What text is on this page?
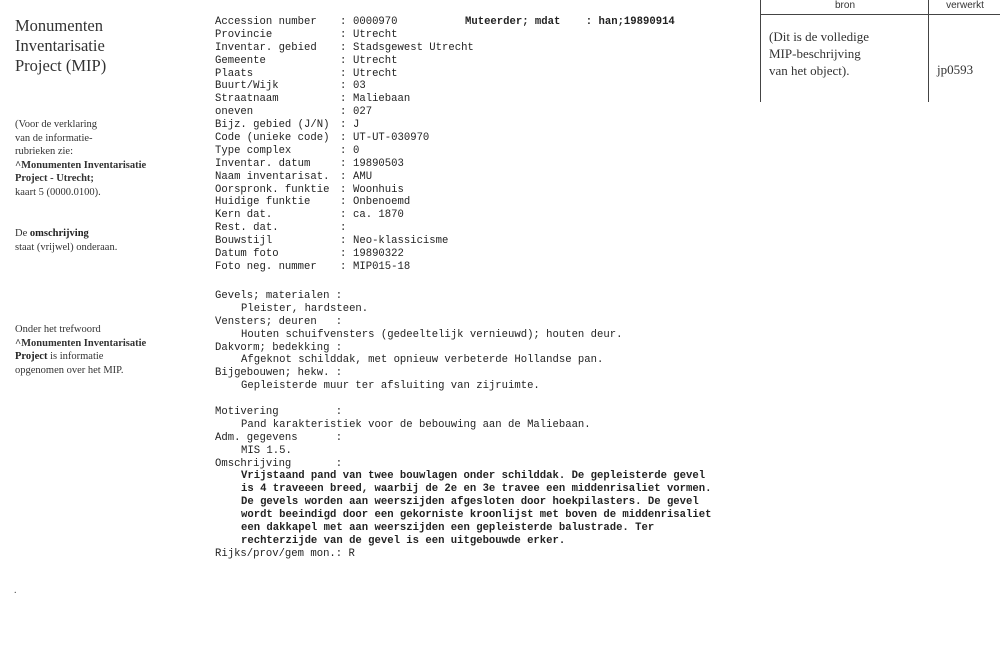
Monumenten
Inventarisatie
Project (MIP)
(Voor de verklaring
van de informatie-
rubrieken zie:
^Monumenten Inventarisatie
Project - Utrecht;
kaart 5 (0000.0100).
De omschrijving
staat (vrijwel) onderaan.
Onder het trefwoord
^Monumenten Inventarisatie
Project is informatie
opgenomen over het MIP.
.
Accession number : 0000970
Provincie	: Utrecht
Inventar. gebied : Stadsgewest Utrecht
Gemeente	: Utrecht
Plaats	: Utrecht
Buurt/Wijk	: 03
Straatnaam	: Maliebaan
oneven	: 027
Bijz. gebied (J/N) : J
Code (unieke code) : UT-UT-030970
Type complex	: 0
Inventar. datum	: 19890503
Naam inventarisat. : AMU
Oorspronk. funktie : Woonhuis
Huidige funktie	: Onbenoemd
Kern dat.	: ca. 1870
Rest. dat.	:
Bouwstijl	: Neo-klassicisme
Datum foto	: 19890322
Foto neg. nummer : MIP015-18
Muteerder; mdat    : han;19890914
Gevels; materialen :
Pleister, hardsteen.
Vensters; deuren   :
Houten schuifvensters (gedeeltelijk vernieuwd); houten deur.
Dakvorm; bedekking :
Afgeknot schilddak, met opnieuw verbeterde Hollandse pan.
Bijgebouwen; hekw. :
Gepleisterde muur ter afsluiting van zijruimte.
Motivering         :
Pand karakteristiek voor de bebouwing aan de Maliebaan.
Adm. gegevens      :
MIS 1.5.
Omschrijving       :
Vrijstaand pand van twee bouwlagen onder schilddak. De gepleisterde gevel
is 4 traveeen breed, waarbij de 2e en 3e travee een middenrisaliet vormen.
De gevels worden aan weerszijden afgesloten door hoekpilasters. De gevel
wordt beeindigd door een gekorniste kroonlijst met boven de middenrisaliet
een dakkapel met aan weerszijden een gepleisterde balustrade. Ter
rechterzijde van de gevel is een uitgebouwde erker.
Rijks/prov/gem mon.: R
bron	verwerkt
(Dit is de volledige
MIP-beschrijving
van het object).	jp0593
